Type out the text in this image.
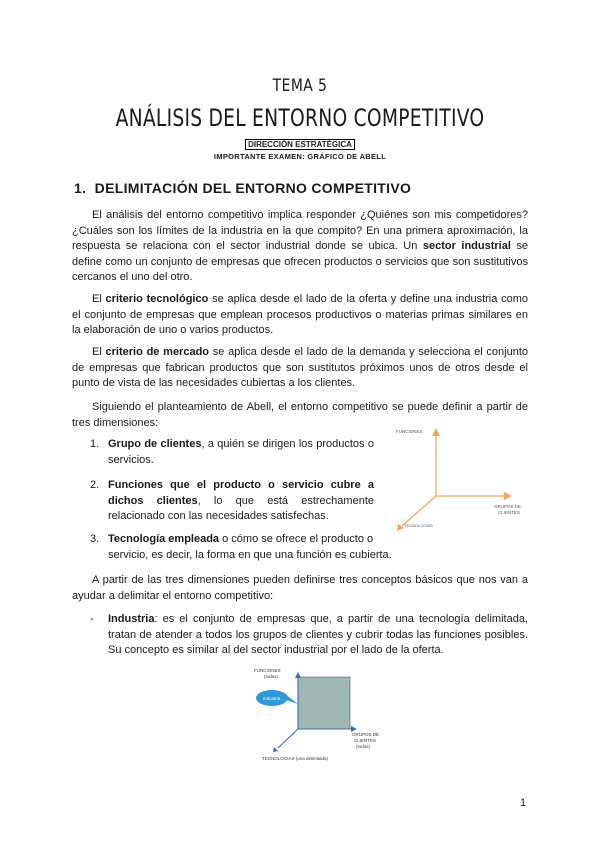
TEMA 5
ANÁLISIS DEL ENTORNO COMPETITIVO
DIRECCIÓN ESTRATÉGICA
IMPORTANTE EXAMEN: GRÁFICO DE ABELL
1. DELIMITACIÓN DEL ENTORNO COMPETITIVO
El análisis del entorno competitivo implica responder ¿Quiénes son mis competidores? ¿Cuáles son los límites de la industria en la que compito? En una primera aproximación, la respuesta se relaciona con el sector industrial donde se ubica. Un sector industrial se define como un conjunto de empresas que ofrecen productos o servicios que son sustitutivos cercanos el uno del otro.
El criterio tecnológico se aplica desde el lado de la oferta y define una industria como el conjunto de empresas que emplean procesos productivos o materias primas similares en la elaboración de uno o varios productos.
El criterio de mercado se aplica desde el lado de la demanda y selecciona el conjunto de empresas que fabrican productos que son sustitutos próximos unos de otros desde el punto de vista de las necesidades cubiertas a los clientes.
Siguiendo el planteamiento de Abell, el entorno competitivo se puede definir a partir de tres dimensiones:
1. Grupo de clientes, a quién se dirigen los productos o servicios.
2. Funciones que el producto o servicio cubre a dichos clientes, lo que está estrechamente relacionado con las necesidades satisfechas.
3. Tecnología empleada o cómo se ofrece el producto o servicio, es decir, la forma en que una función es cubierta.
FUNCIONES
GRUPOS DE
CLIENTES
TECNOLOGÍAS
A partir de las tres dimensiones pueden definirse tres conceptos básicos que nos van a ayudar a delimitar el entorno competitivo:
- Industria: es el conjunto de empresas que, a partir de una tecnología delimitada, tratan de atender a todos los grupos de clientes y cubrir todas las funciones posibles. Su concepto es similar al del sector industrial por el lado de la oferta.
Industria
FUNCIONES
(todas)
GRUPOS DE
CLIENTES
(todos)
TECNOLOGÍAS (una delimitada)
1
